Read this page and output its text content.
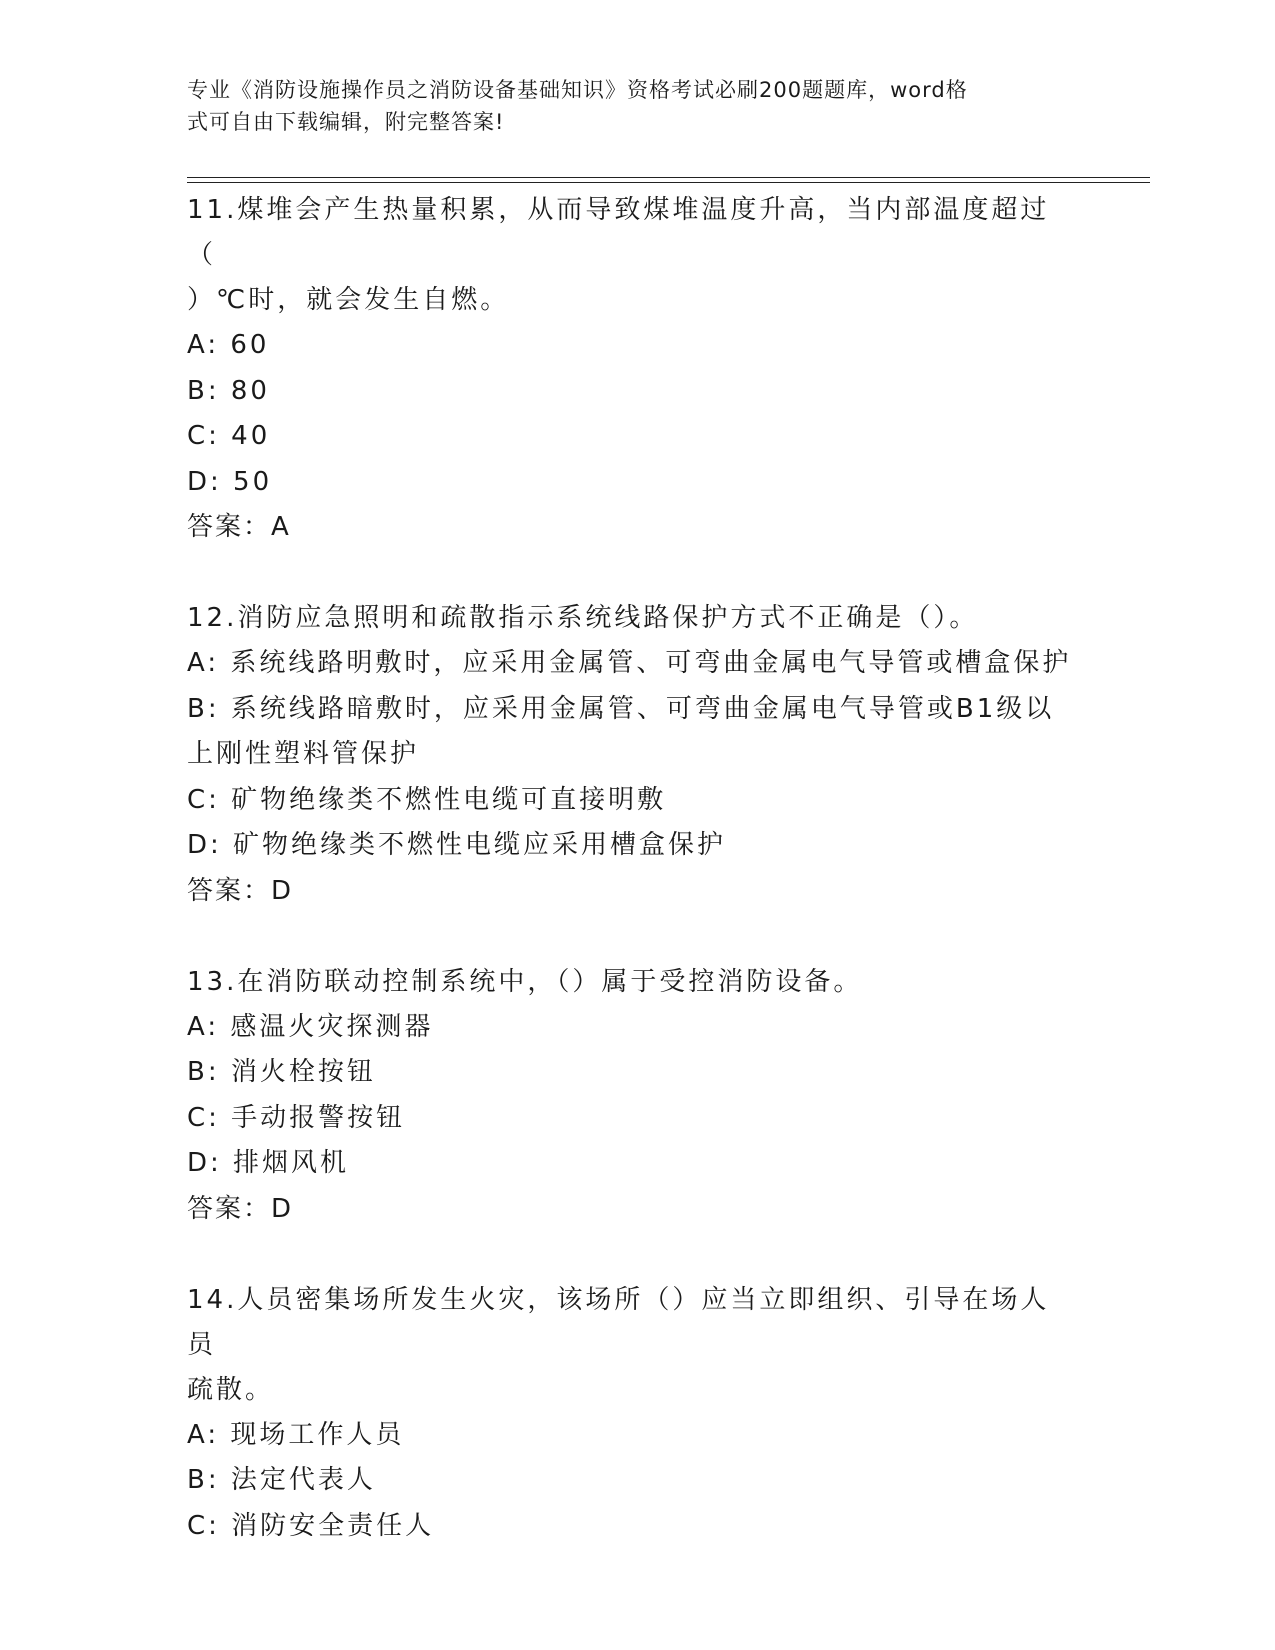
专业《消防设施操作员之消防设备基础知识》资格考试必刷200题题库，word格
式可自由下载编辑，附完整答案!
11.煤堆会产生热量积累，从而导致煤堆温度升高，当内部温度超过（
）℃时，就会发生自燃。
A: 60
B: 80
C: 40
D: 50
答案：A
12.消防应急照明和疏散指示系统线路保护方式不正确是（）。
A: 系统线路明敷时，应采用金属管、可弯曲金属电气导管或槽盒保护
B: 系统线路暗敷时，应采用金属管、可弯曲金属电气导管或B1级以
上刚性塑料管保护
C: 矿物绝缘类不燃性电缆可直接明敷
D: 矿物绝缘类不燃性电缆应采用槽盒保护
答案：D
13.在消防联动控制系统中，（）属于受控消防设备。
A: 感温火灾探测器
B: 消火栓按钮
C: 手动报警按钮
D: 排烟风机
答案：D
14.人员密集场所发生火灾，该场所（）应当立即组织、引导在场人员
疏散。
A: 现场工作人员
B: 法定代表人
C: 消防安全责任人
